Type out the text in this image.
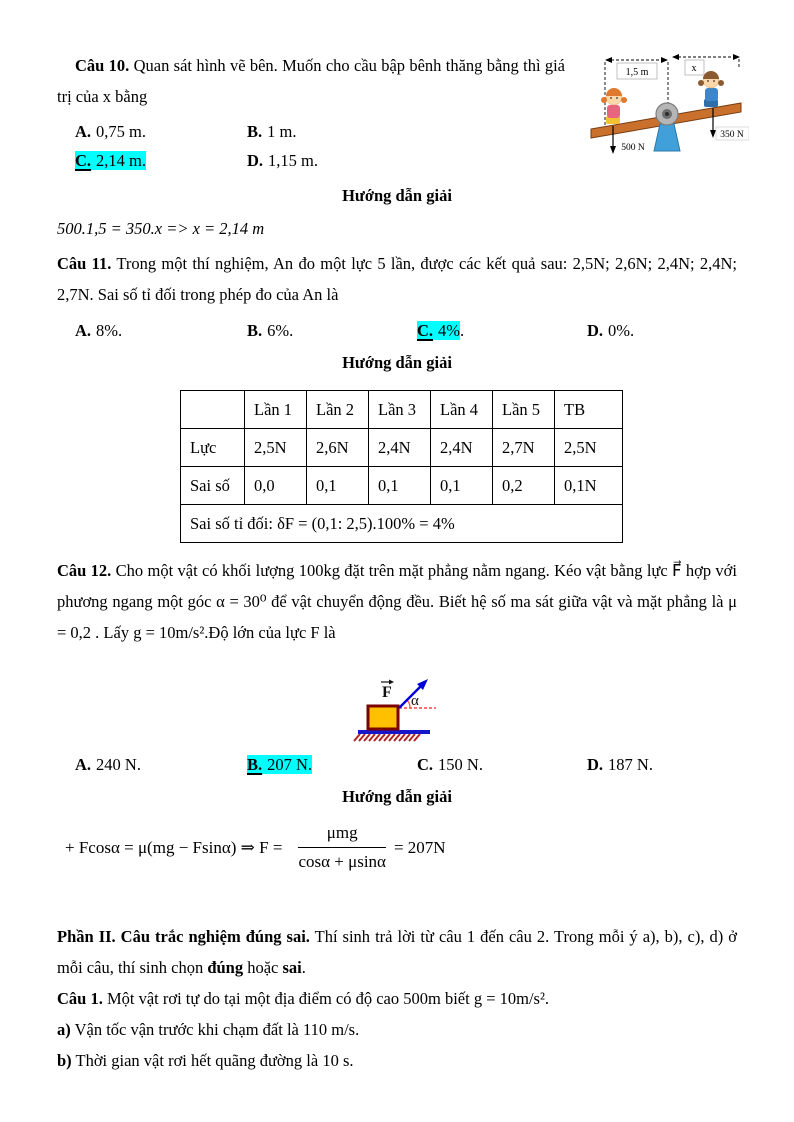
Câu 10. Quan sát hình vẽ bên. Muốn cho cầu bập bênh thăng bằng thì giá trị của x bằng

A. 0,75 m.	B. 1 m.
C. 2,14 m.	D. 1,15 m.
1,5 m	x
500 N
350 N
Hướng dẫn giải

500.1,5 = 350.x => x = 2,14 m

Câu 11. Trong một thí nghiệm, An đo một lực 5 lần, được các kết quả sau: 2,5N; 2,6N; 2,4N; 2,4N; 2,7N. Sai số tỉ đối trong phép đo của An là

A. 8%.	B. 6%.	C. 4%.	D. 0%.
Hướng dẫn giải
	Lần 1	Lần 2	Lần 3	Lần 4	Lần 5	TB
Lực	2,5N	2,6N	2,4N	2,4N	2,7N	2,5N
Sai số	0,0	0,1	0,1	0,1	0,2	0,1N
Sai số tỉ đối: δF = (0,1: 2,5).100% = 4%						

Câu 12. Cho một vật có khối lượng 100kg đặt trên mặt phẳng nằm ngang. Kéo vật bằng lực F⃗ hợp với phương ngang một góc α = 30⁰ để vật chuyển động đều. Biết hệ số ma sát giữa vật và mặt phẳng là μ = 0,2 . Lấy g = 10m/s².Độ lớn của lực F là

F α
A. 240 N.	B. 207 N.	C. 150 N.	D. 187 N.
Hướng dẫn giải
+ Fcosα = μ(mg − Fsinα) ⇒ $F = \frac{\text{μmg}}{\cos\alpha + \mu\sin\alpha} = 207N$

Phần II. Câu trắc nghiệm đúng sai. Thí sinh trả lời từ câu 1 đến câu 2. Trong mỗi ý a), b), c), d) ở mỗi câu, thí sinh chọn đúng hoặc sai.

Câu 1. Một vật rơi tự do tại một địa điểm có độ cao 500m biết g = 10m/s².

a) Vận tốc vận trước khi chạm đất là 110 m/s.

b) Thời gian vật rơi hết quãng đường là 10 s.
